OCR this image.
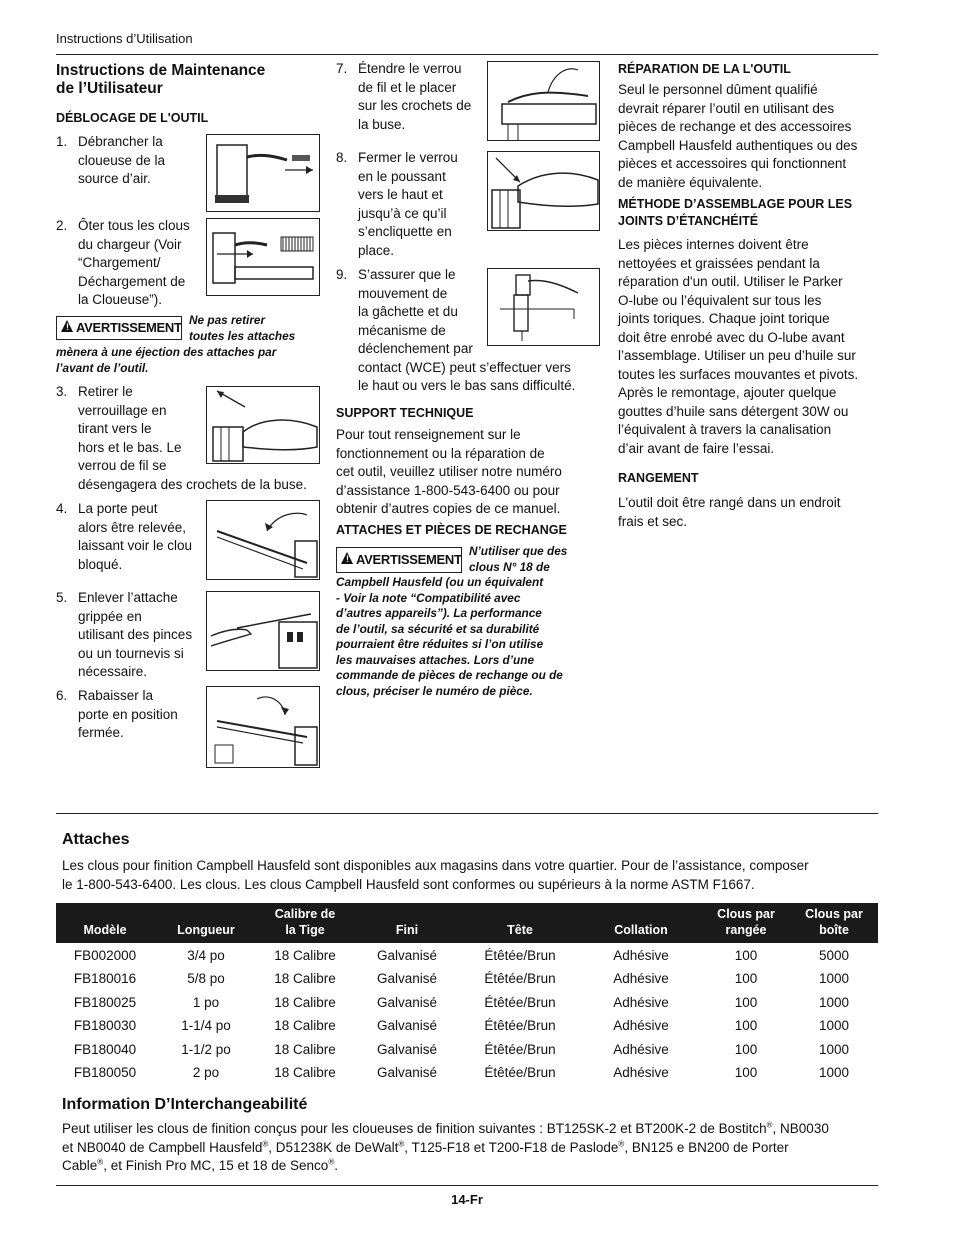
Instructions d’Utilisation
Instructions de Maintenance
de l’Utilisateur
DÉBLOCAGE DE L'OUTIL
1. Débrancher la
cloueuse de la
source d’air.
2. Ôter tous les clous
du chargeur (Voir
“Chargement/
Déchargement de
la Cloueuse”).
3. Retirer le
verrouillage en
tirant vers le
hors et le bas. Le
verrou de fil se
désengagera des crochets de la buse.
4. La porte peut
alors être relevée,
laissant voir le clou
bloqué.
5. Enlever l’attache
grippée en
utilisant des pinces
ou un tournevis si
nécessaire.
6. Rabaisser la
porte en position
fermée.
7. Étendre le verrou
de fil et le placer
sur les crochets de
la buse.
8. Fermer le verrou
en le poussant
vers le haut et
jusqu’à ce qu’il
s’encliquette en
place.
9. S’assurer que le
mouvement de
la gâchette et du
mécanisme de
déclenchement par
contact (WCE) peut s’effectuer vers
le haut ou vers le bas sans difficulté.
! AVERTISSEMENT Ne pas retirer
toutes les attaches
mènera à une éjection des attaches par
l’avant de l’outil.
SUPPORT TECHNIQUE
Pour tout renseignement sur le
fonctionnement ou la réparation de
cet outil, veuillez utiliser notre numéro
d’assistance 1-800-543-6400 ou pour
obtenir d’autres copies de ce manuel.
ATTACHES ET PIÈCES DE RECHANGE
! AVERTISSEMENT
N’utiliser que des
clous N° 18 de
Campbell Hausfeld (ou un équivalent
- Voir la note “Compatibilité avec
d’autres appareils”). La performance
de l’outil, sa sécurité et sa durabilité
pourraient être réduites si l’on utilise
les mauvaises attaches. Lors d’une
commande de pièces de rechange ou de
clous, préciser le numéro de pièce.
RÉPARATION DE LA L'OUTIL
Seul le personnel dûment qualifié
devrait réparer l’outil en utilisant des
pièces de rechange et des accessoires
Campbell Hausfeld authentiques ou des
pièces et accessoires qui fonctionnent
de manière équivalente.
MÉTHODE D’ASSEMBLAGE POUR LES
JOINTS D’ÉTANCHÉITÉ
Les pièces internes doivent être
nettoyées et graissées pendant la
réparation d'un outil. Utiliser le Parker
O-lube ou l’équivalent sur tous les
joints toriques. Chaque joint torique
doit être enrobé avec du O-lube avant
l’assemblage. Utiliser un peu d’huile sur
toutes les surfaces mouvantes et pivots.
Après le remontage, ajouter quelque
gouttes d’huile sans détergent 30W ou
l’équivalent à travers la canalisation
d’air avant de faire l’essai.
RANGEMENT
L'outil doit être rangé dans un endroit
frais et sec.
Attaches
Les clous pour finition Campbell Hausfeld sont disponibles aux magasins dans votre quartier. Pour de l’assistance, composer
le 1-800-543-6400. Les clous. Les clous Campbell Hausfeld sont conformes ou supérieurs à la norme ASTM F1667.
Modèle	Longueur
Calibre de
la Tige	Fini	Tête	Collation
Clous par
rangée
Clous par
boîte
FB002000	3/4 po	18 Calibre	Galvanisé	Étêtée/Brun	Adhésive	100	5000
FB180016	5/8 po	18 Calibre	Galvanisé	Étêtée/Brun	Adhésive	100	1000
FB180025	1 po	18 Calibre	Galvanisé	Étêtée/Brun	Adhésive	100	1000
FB180030	1-1/4 po	18 Calibre	Galvanisé	Étêtée/Brun	Adhésive	100	1000
FB180040	1-1/2 po	18 Calibre	Galvanisé	Étêtée/Brun	Adhésive	100	1000
FB180050	2 po	18 Calibre	Galvanisé	Étêtée/Brun	Adhésive	100	1000
Information D’Interchangeabilité
Peut utiliser les clous de finition conçus pour les cloueuses de finition suivantes : BT125SK-2 et BT200K-2 de Bostitch®, NB0030
et NB0040 de Campbell Hausfeld®, D51238K de DeWalt®, T125-F18 et T200-F18 de Paslode®, BN125 e BN200 de Porter
Cable®, et Finish Pro MC, 15 et 18 de Senco®.
14-Fr
